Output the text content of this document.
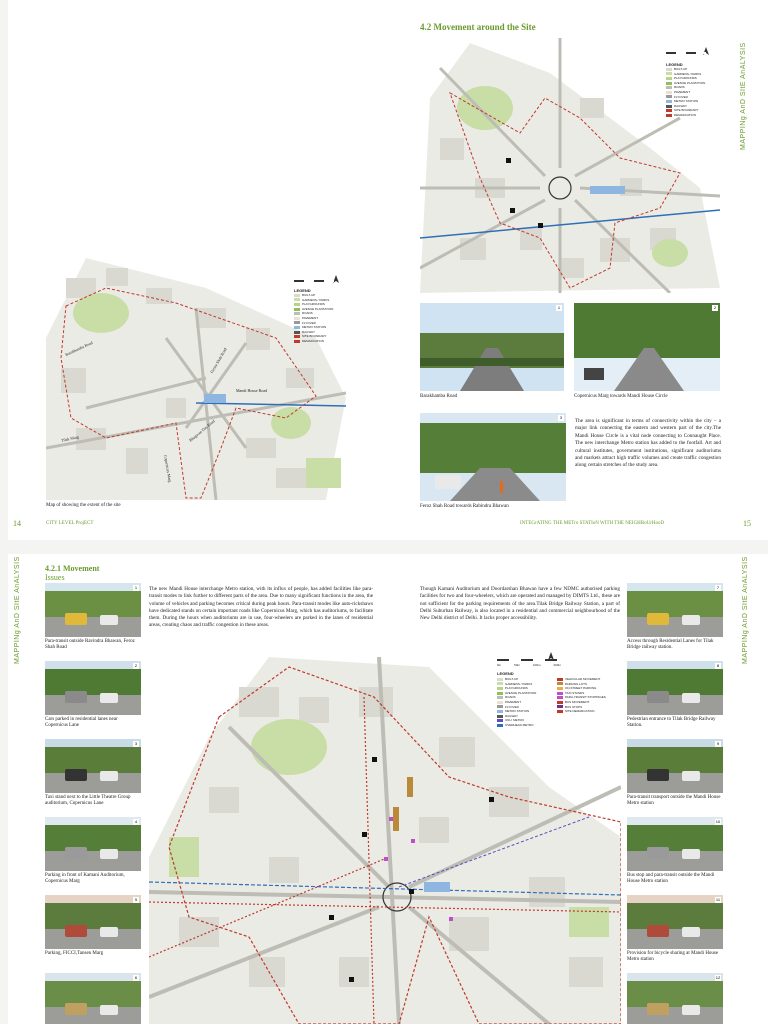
Barakhamba Road	Firoze Shah Road
Mandi House Road
Bhagwan Das Road
Tilak Marg
Copernicus Marg
LEGEND
BUILT-UP
GARDENS / PARKS
PLAYGROUNDS
AVENUE PLANTATION
ROADS
PAVEMENT
FLYOVER
METRO STATION
RAILWAY
SITE BOUNDARY
DEMARCATION
Map of showing the extent of the site
14	CITY LEVEL ProjECT
4.2 Movement around the Site
LEGEND
BUILT-UP
GARDENS / PARKS
PLAYGROUNDS
AVENUE PLANTATION
ROADS
PAVEMENT
FLYOVER
METRO STATION
RAILWAY
SITE BOUNDARY
DEMARCATION
1
Barakhamba Road
2
Copernicus Marg towards Mandi House Circle
3
Feroz Shah Road towards Rabindra Bhawan
The area is significant in terms of connectivity within the city – a major link connecting the eastern and western part of the city.The Mandi House Circle is a vital node connecting to Connaught Place. The new interchange Metro station has added to the footfall. Art and cultural institutes, government institutions, significant auditoriums and markets attract high traffic volumes and create traffic congestion along certain stretches of the study area.
INTEGrATING THE METro STATIoN WITH THE NEIGHBoUrHooD	15
MAPPINg AnD SItE AnALYSIS
MAPPINg AnD SItE AnALYSIS	MAPPINg AnD SItE AnALYSIS
4.2.1 Movement
Issues
1
Para-transit outside Ravindra Bhawan, Feroz Shah Road
2
Cars parked in residential lanes near Copernicus Lane
3
Taxi stand next to the Little Theatre Group auditorium, Copernicus Lane
4
Parking in front of Kamani Auditorium, Copernicus Marg
5
Parking, FICCI,Tansen Marg
6
The new Mandi House interchange Metro station, with its influx of people, has added facilities like para-transit modes to link further to different parts of the area. Due to many significant functions in the area, the volume of vehicles and parking becomes critical during peak hours. Para-transit modes like auto-rickshaws have dedicated stands on certain important roads like Copernicus Marg, which has auditoriums, to facilitate them. During the hours when auditoriums are in use, four-wheelers are parked in the lanes of residential areas, creating chaos and traffic congestion in these areas.
Though Kamani Auditorium and Doordarshan Bhawan have a few NDMC authorised parking facilities for two and four-wheelers, which are operated and managed by DIMTS Ltd., these are not sufficient for the parking requirements of the area.Tilak Bridge Railway Station, a part of Delhi Suburban Railway, is also located in a residential and commercial neighbourhood of the New Delhi district of Delhi. It lacks proper accessibility.
0m	50m	100m	200m
LEGEND
BUILT-UP
GARDENS / PARKS
PLAYGROUNDS
AVENUE PLANTATION
ROADS
PAVEMENT
FLYOVER
METRO STATION
RAILWAY
UNU. METRO
OVERHEAD METRO
VEHICULAR MOVEMENT
PARKING LOTS
ON-STREET PARKING
TAXI STANDS
PARA-TRANSIT STOPPAGES
BUS MOVEMENT
BUS STOPS
SITE DEMARCATION
7
Access through Residential Lanes for Tilak Bridge railway station.
8
Pedestrian entrance to Tilak Bridge Railway Station.
9
Para-transit transport outside the Mandi House Metro station
10
Bus stop and para-transit outside the Mandi House Metro station
11
Provision for bicycle sharing at Mandi House Metro station
12
